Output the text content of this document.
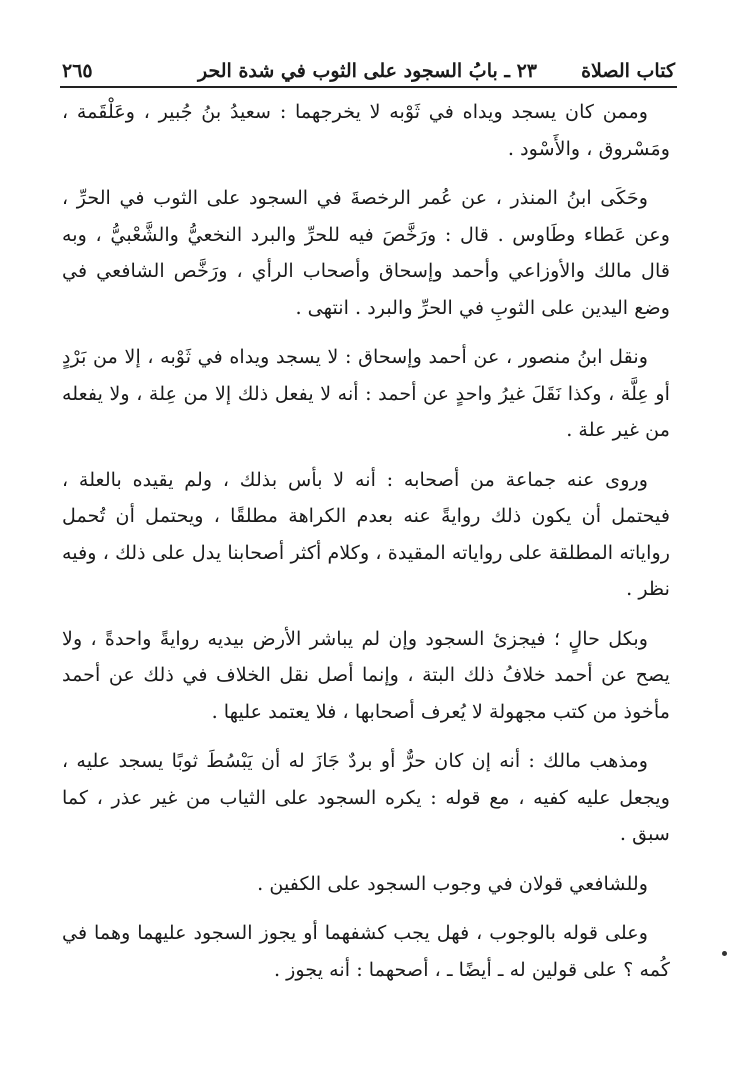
كتاب الصلاة
٢٣ ـ بابُ السجود على الثوب في شدة الحر
٢٦٥

وممن كان يسجد ويداه في ثَوْبه لا يخرجهما : سعيدُ بنُ جُبير ، وعَلْقَمة ، ومَسْروق ، والأَسْود .

وحَكَى ابنُ المنذر ، عن عُمر الرخصةَ في السجود على الثوب في الحرِّ ، وعن عَطاء وطَاوس . قال : ورَخَّصَ فيه للحرِّ والبرد النخعيُّ والشَّعْبيُّ ، وبه قال مالك والأوزاعي وأحمد وإسحاق وأصحاب الرأي ، ورَخَّص الشافعي في وضع اليدين على الثوبِ في الحرِّ والبرد . انتهى .

ونقل ابنُ منصور ، عن أحمد وإسحاق : لا يسجد ويداه في ثَوْبه ، إلا من بَرْدٍ أو عِلَّة ، وكذا نَقَلَ غيرُ واحدٍ عن أحمد : أنه لا يفعل ذلك إلا من عِلة ، ولا يفعله من غير علة .

وروى عنه جماعة من أصحابه : أنه لا بأس بذلك ، ولم يقيده بالعلة ، فيحتمل أن يكون ذلك روايةً عنه بعدم الكراهة مطلقًا ، ويحتمل أن تُحمل رواياته المطلقة على رواياته المقيدة ، وكلام أكثر أصحابنا يدل على ذلك ، وفيه نظر .

وبكل حالٍ ؛ فيجزئ السجود وإن لم يباشر الأرض بيديه روايةً واحدةً ، ولا يصح عن أحمد خلافُ ذلك البتة ، وإنما أصل نقل الخلاف في ذلك عن أحمد مأخوذ من كتب مجهولة لا يُعرف أصحابها ، فلا يعتمد عليها .

ومذهب مالك : أنه إن كان حرٌّ أو بردٌ جَازَ له أن يَبْسُطَ ثوبًا يسجد عليه ، ويجعل عليه كفيه ، مع قوله : يكره السجود على الثياب من غير عذر ، كما سبق .

وللشافعي قولان في وجوب السجود على الكفين .

وعلى قوله بالوجوب ، فهل يجب كشفهما أو يجوز السجود عليهما وهما في كُمه ؟ على قولين له ـ أيضًا ـ ، أصحهما : أنه يجوز .
